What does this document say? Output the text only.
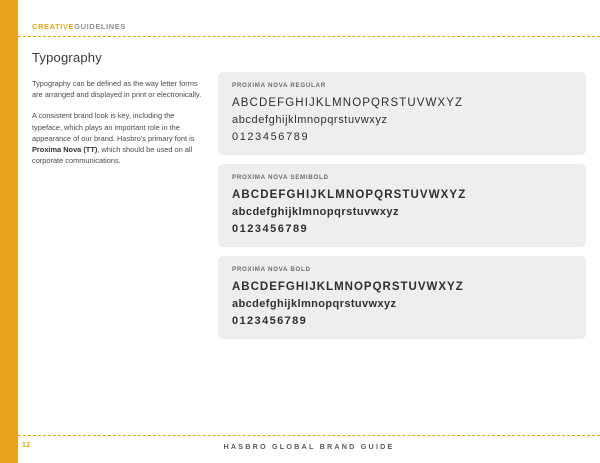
CREATIVEGUIDELINES
Typography

Typography can be defined as the way letter forms are arranged and displayed in print or electronically.

A consistent brand look is key, including the typeface, which plays an important role in the appearance of our brand. Hasbro's primary font is Proxima Nova (TT), which should be used on all corporate communications.

PROXIMA NOVA REGULAR
ABCDEFGHIJKLMNOPQRSTUVWXYZ
abcdefghijklmnopqrstuvwxyz
0123456789
PROXIMA NOVA SEMIBOLD
ABCDEFGHIJKLMNOPQRSTUVWXYZ
abcdefghijklmnopqrstuvwxyz
0123456789
PROXIMA NOVA BOLD
ABCDEFGHIJKLMNOPQRSTUVWXYZ
abcdefghijklmnopqrstuvwxyz
0123456789
12	HASBRO GLOBAL BRAND GUIDE
